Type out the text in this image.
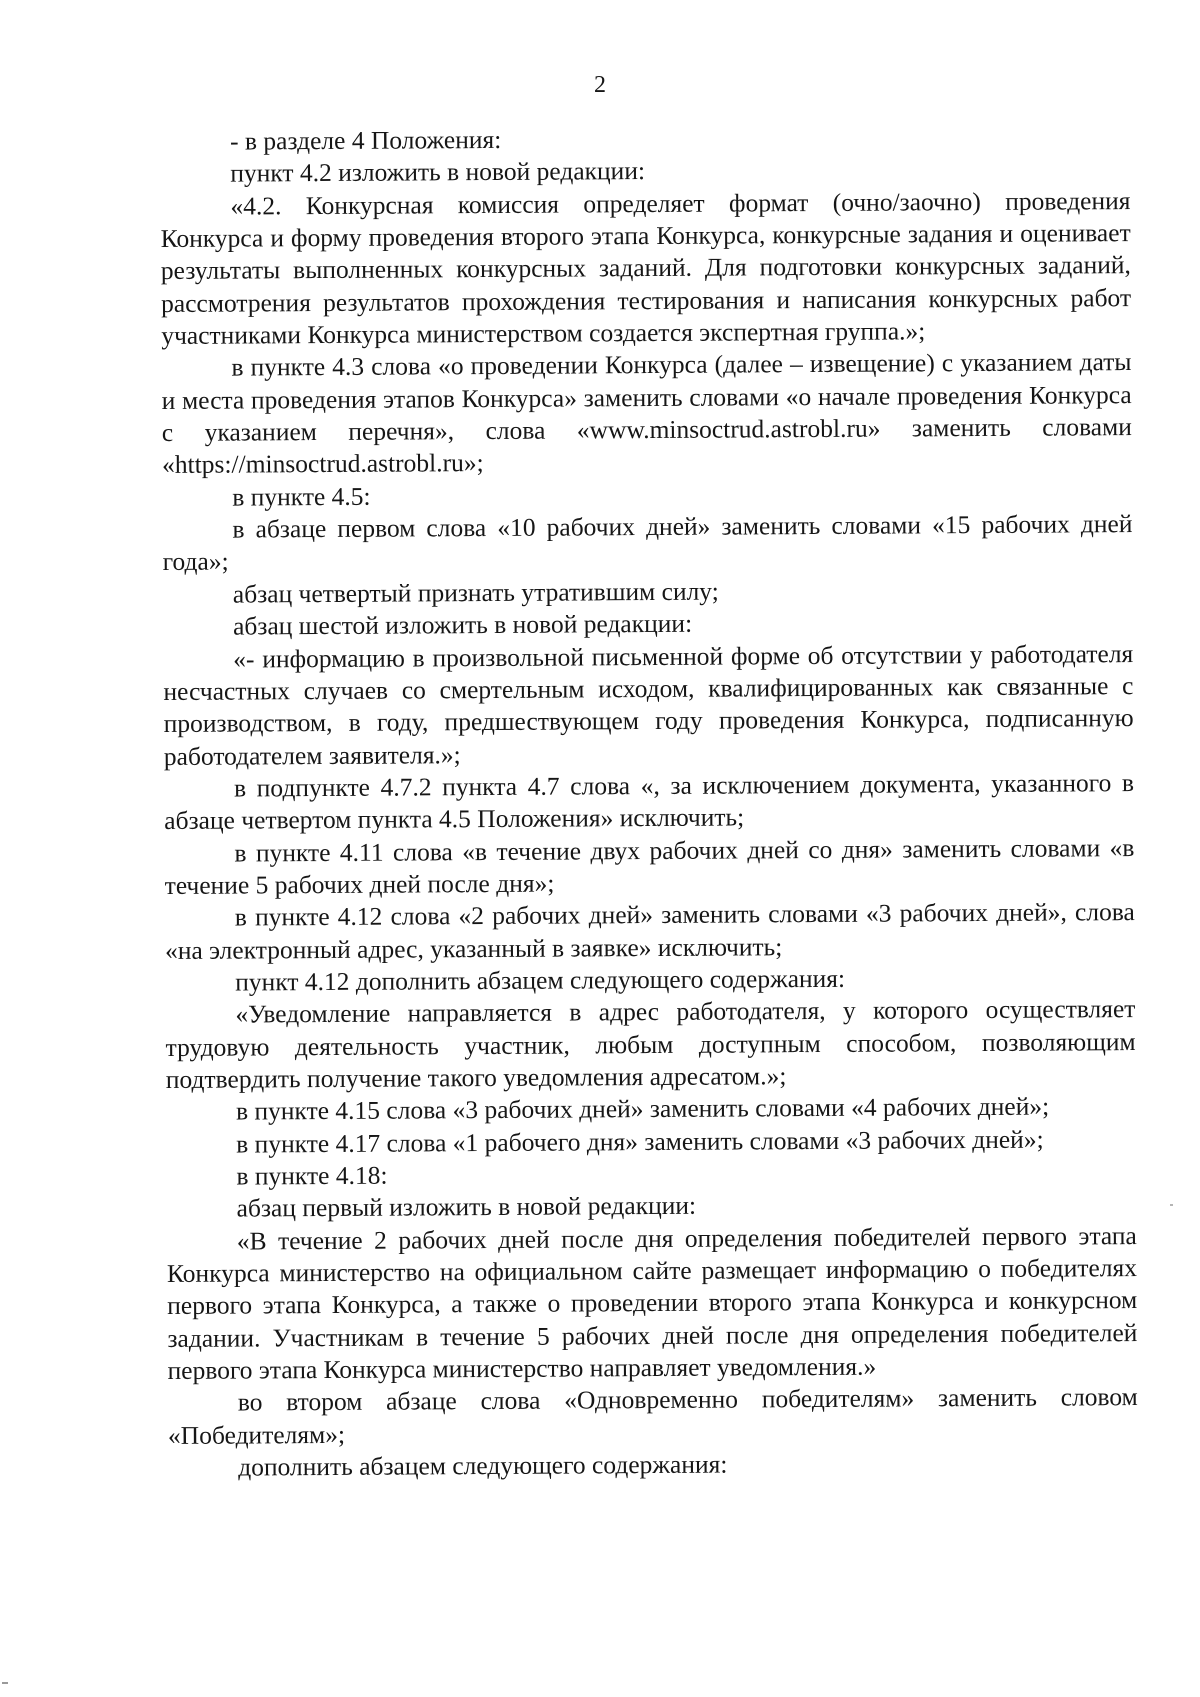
2

- в разделе 4 Положения:

пункт 4.2 изложить в новой редакции:

«4.2. Конкурсная комиссия определяет формат (очно/заочно) проведения Конкурса и форму проведения второго этапа Конкурса, конкурсные задания и оценивает результаты выполненных конкурсных заданий. Для подготовки конкурсных заданий, рассмотрения результатов прохождения тестирования и написания конкурсных работ участниками Конкурса министерством создается экспертная группа.»;

в пункте 4.3 слова «о проведении Конкурса (далее – извещение) с указанием даты и места проведения этапов Конкурса» заменить словами «о начале проведения Конкурса с указанием перечня», слова «www.minsoctrud.astrobl.ru» заменить словами «https://minsoctrud.astrobl.ru»;

в пункте 4.5:

в абзаце первом слова «10 рабочих дней» заменить словами «15 рабочих дней года»;

абзац четвертый признать утратившим силу;

абзац шестой изложить в новой редакции:

«- информацию в произвольной письменной форме об отсутствии у работодателя несчастных случаев со смертельным исходом, квалифицированных как связанные с производством, в году, предшествующем году проведения Конкурса, подписанную работодателем заявителя.»;

в подпункте 4.7.2 пункта 4.7 слова «, за исключением документа, указанного в абзаце четвертом пункта 4.5 Положения» исключить;

в пункте 4.11 слова «в течение двух рабочих дней со дня» заменить словами «в течение 5 рабочих дней после дня»;

в пункте 4.12 слова «2 рабочих дней» заменить словами «3 рабочих дней», слова «на электронный адрес, указанный в заявке» исключить;

пункт 4.12 дополнить абзацем следующего содержания:

«Уведомление направляется в адрес работодателя, у которого осуществляет трудовую деятельность участник, любым доступным способом, позволяющим подтвердить получение такого уведомления адресатом.»;

в пункте 4.15 слова «3 рабочих дней» заменить словами «4 рабочих дней»;

в пункте 4.17 слова «1 рабочего дня» заменить словами «3 рабочих дней»;

в пункте 4.18:

абзац первый изложить в новой редакции:

«В течение 2 рабочих дней после дня определения победителей первого этапа Конкурса министерство на официальном сайте размещает информацию о победителях первого этапа Конкурса, а также о проведении второго этапа Конкурса и конкурсном задании. Участникам в течение 5 рабочих дней после дня определения победителей первого этапа Конкурса министерство направляет уведомления.»

во втором абзаце слова «Одновременно победителям» заменить словом «Победителям»;

дополнить абзацем следующего содержания:
